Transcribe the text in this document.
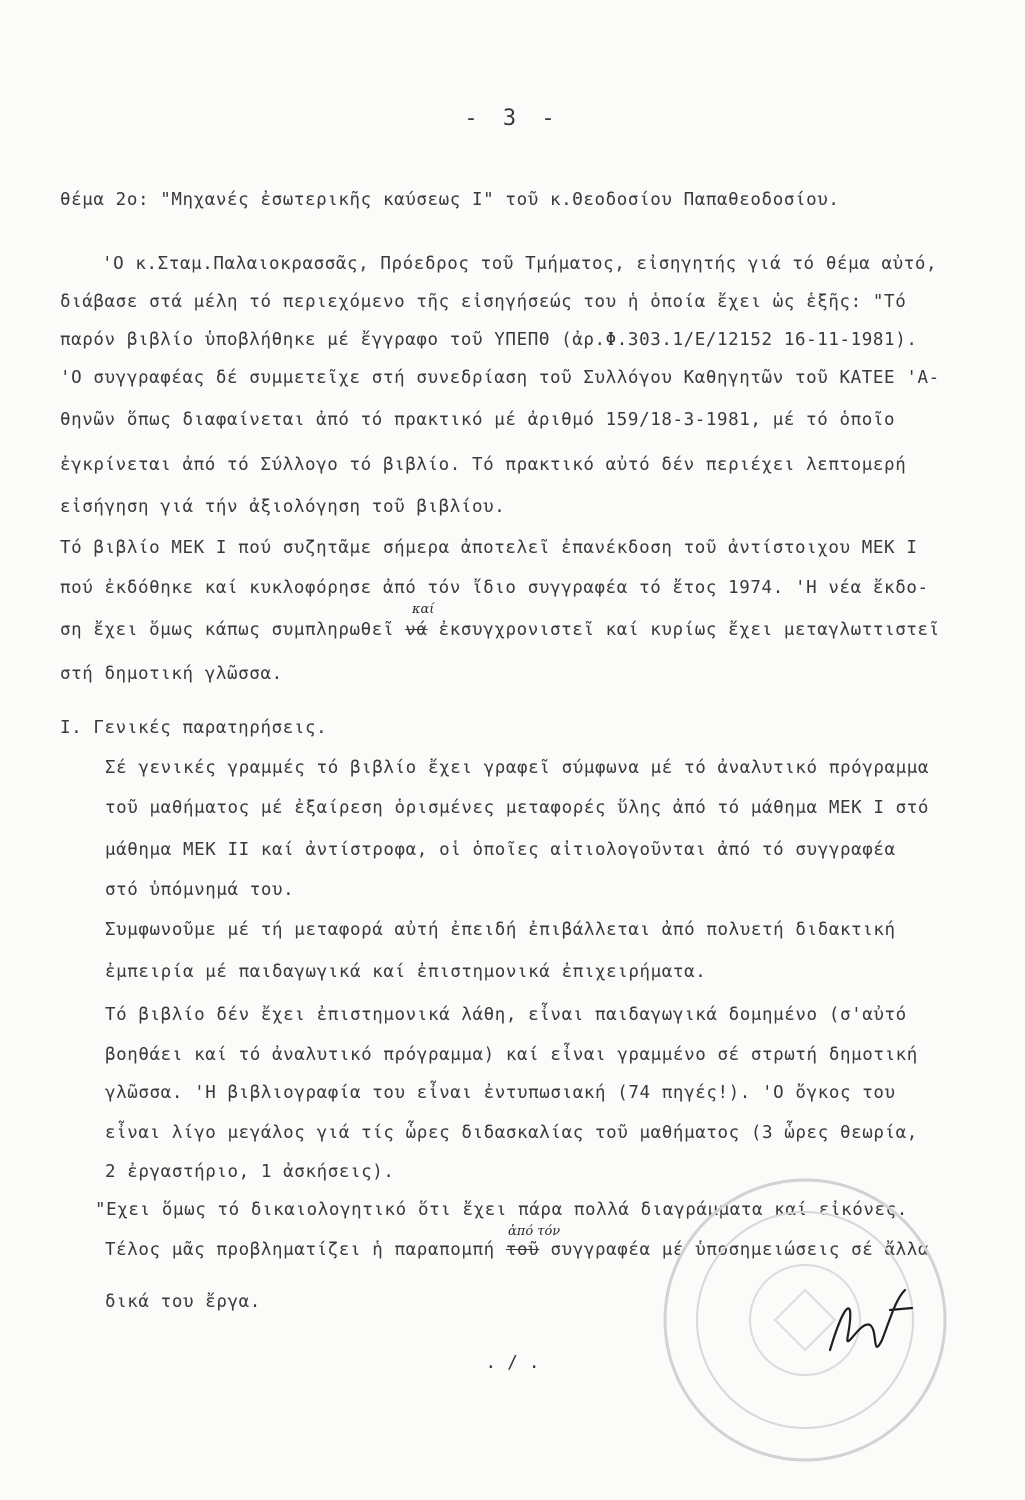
- 3 -
θέμα 2ο: "Μηχανές ἐσωτερικῆς καύσεως Ι" τοῦ κ.Θεοδοσίου Παπαθεοδοσίου.
'Ο κ.Σταμ.Παλαιοκρασσᾶς, Πρόεδρος τοῦ Τμήματος, εἰσηγητής γιά τό θέμα αὐτό,
διάβασε στά μέλη τό περιεχόμενο τῆς εἰσηγήσεώς του ἡ ὁποία ἔχει ὡς ἑξῆς: "Τό
παρόν βιβλίο ὑποβλήθηκε μέ ἔγγραφο τοῦ ΥΠΕΠΘ (ἀρ.Φ.303.1/Ε/12152 16-11-1981).
'Ο συγγραφέας δέ συμμετεῖχε στή συνεδρίαση τοῦ Συλλόγου Καθηγητῶν τοῦ ΚΑΤΕΕ 'Α-
θηνῶν ὅπως διαφαίνεται ἀπό τό πρακτικό μέ ἀριθμό 159/18-3-1981, μέ τό ὁποῖο
ἐγκρίνεται ἀπό τό Σύλλογο τό βιβλίο. Τό πρακτικό αὐτό δέν περιέχει λεπτομερή
εἰσήγηση γιά τήν ἀξιολόγηση τοῦ βιβλίου.
Τό βιβλίο ΜΕΚ Ι πού συζητᾶμε σήμερα ἀποτελεῖ ἐπανέκδοση τοῦ ἀντίστοιχου ΜΕΚ Ι
πού ἐκδόθηκε καί κυκλοφόρησε ἀπό τόν ἴδιο συγγραφέα τό ἔτος 1974. 'Η νέα ἔκδο-
καί
ση ἔχει ὅμως κάπως συμπληρωθεῖ νά ἐκσυγχρονιστεῖ καί κυρίως ἔχει μεταγλωττιστεῖ
στή δημοτική γλῶσσα.
Ι. Γενικές παρατηρήσεις.
Σέ γενικές γραμμές τό βιβλίο ἔχει γραφεῖ σύμφωνα μέ τό ἀναλυτικό πρόγραμμα
τοῦ μαθήματος μέ ἐξαίρεση ὁρισμένες μεταφορές ὕλης ἀπό τό μάθημα ΜΕΚ Ι στό
μάθημα ΜΕΚ ΙΙ καί ἀντίστροφα, οἱ ὁποῖες αἰτιολογοῦνται ἀπό τό συγγραφέα
στό ὑπόμνημά του.
Συμφωνοῦμε μέ τή μεταφορά αὐτή ἐπειδή ἐπιβάλλεται ἀπό πολυετή διδακτική
ἐμπειρία μέ παιδαγωγικά καί ἐπιστημονικά ἐπιχειρήματα.
Τό βιβλίο δέν ἔχει ἐπιστημονικά λάθη, εἶναι παιδαγωγικά δομημένο (σ'αὐτό
βοηθάει καί τό ἀναλυτικό πρόγραμμα) καί εἶναι γραμμένο σέ στρωτή δημοτική
γλῶσσα. 'Η βιβλιογραφία του εἶναι ἐντυπωσιακή (74 πηγές!). 'Ο ὄγκος του
εἶναι λίγο μεγάλος γιά τίς ὧρες διδασκαλίας τοῦ μαθήματος (3 ὧρες θεωρία,
2 ἐργαστήριο, 1 ἀσκήσεις).
"Εχει ὅμως τό δικαιολογητικό ὅτι ἔχει πάρα πολλά διαγράμματα καί εἰκόνες.
ἀπό τόν
Τέλος μᾶς προβληματίζει ἡ παραπομπή τοῦ συγγραφέα μέ ὑποσημειώσεις σέ ἄλλα
δικά του ἔργα.
. / .
